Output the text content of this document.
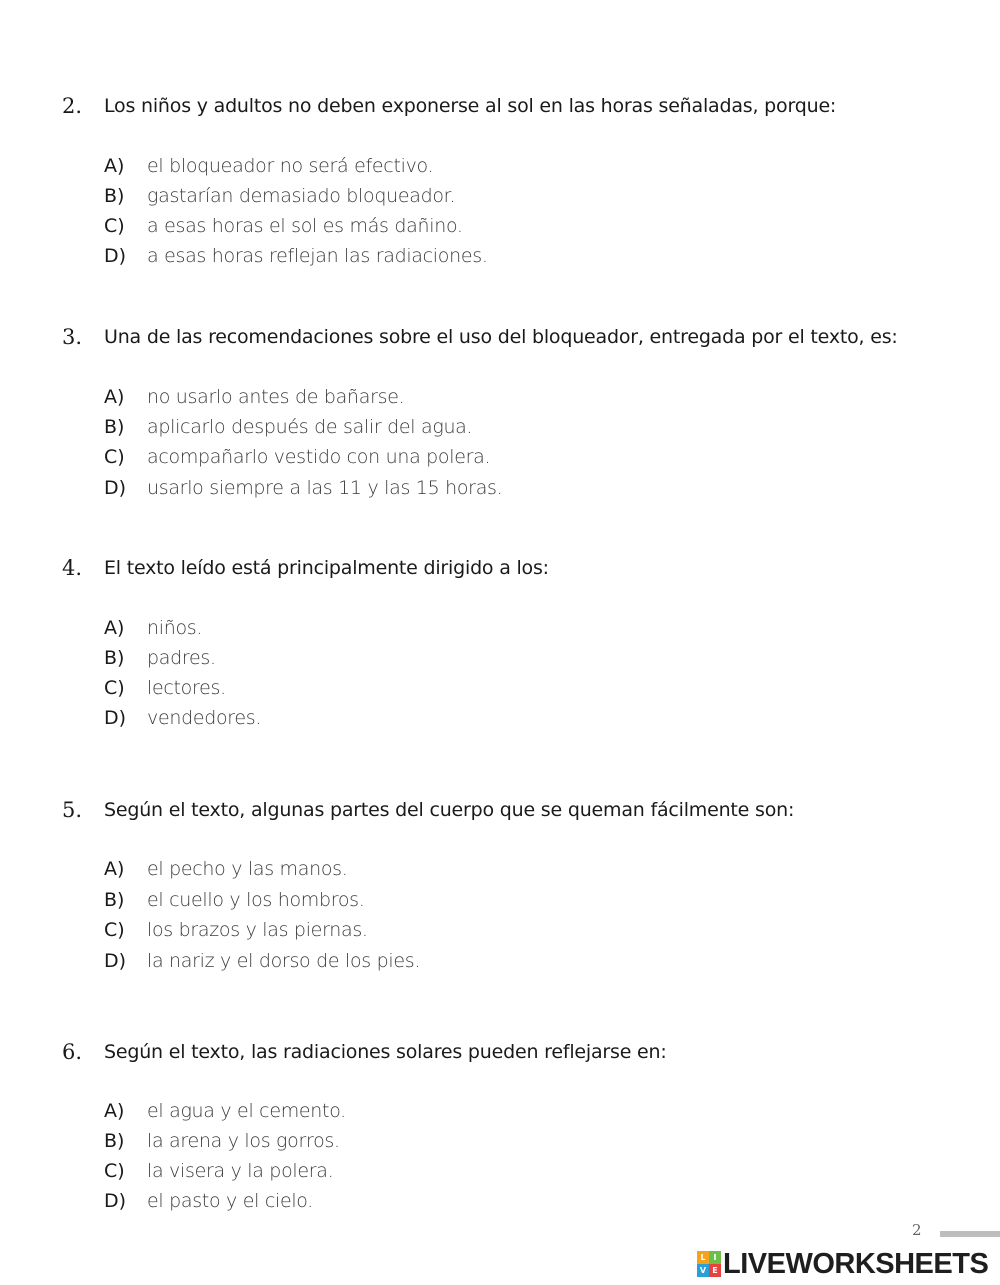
2. Los niños y adultos no deben exponerse al sol en las horas señaladas, porque:
A) el bloqueador no será efectivo.
B) gastarían demasiado bloqueador.
C) a esas horas el sol es más dañino.
D) a esas horas reflejan las radiaciones.
3. Una de las recomendaciones sobre el uso del bloqueador, entregada por el texto, es:
A) no usarlo antes de bañarse.
B) aplicarlo después de salir del agua.
C) acompañarlo vestido con una polera.
D) usarlo siempre a las 11 y las 15 horas.
4. El texto leído está principalmente dirigido a los:
A) niños.
B) padres.
C) lectores.
D) vendedores.
5. Según el texto, algunas partes del cuerpo que se queman fácilmente son:
A) el pecho y las manos.
B) el cuello y los hombros.
C) los brazos y las piernas.
D) la nariz y el dorso de los pies.
6. Según el texto, las radiaciones solares pueden reflejarse en:
A) el agua y el cemento.
B) la arena y los gorros.
C) la visera y la polera.
D) el pasto y el cielo.
2
L I
V E LIVEWORKSHEETS
